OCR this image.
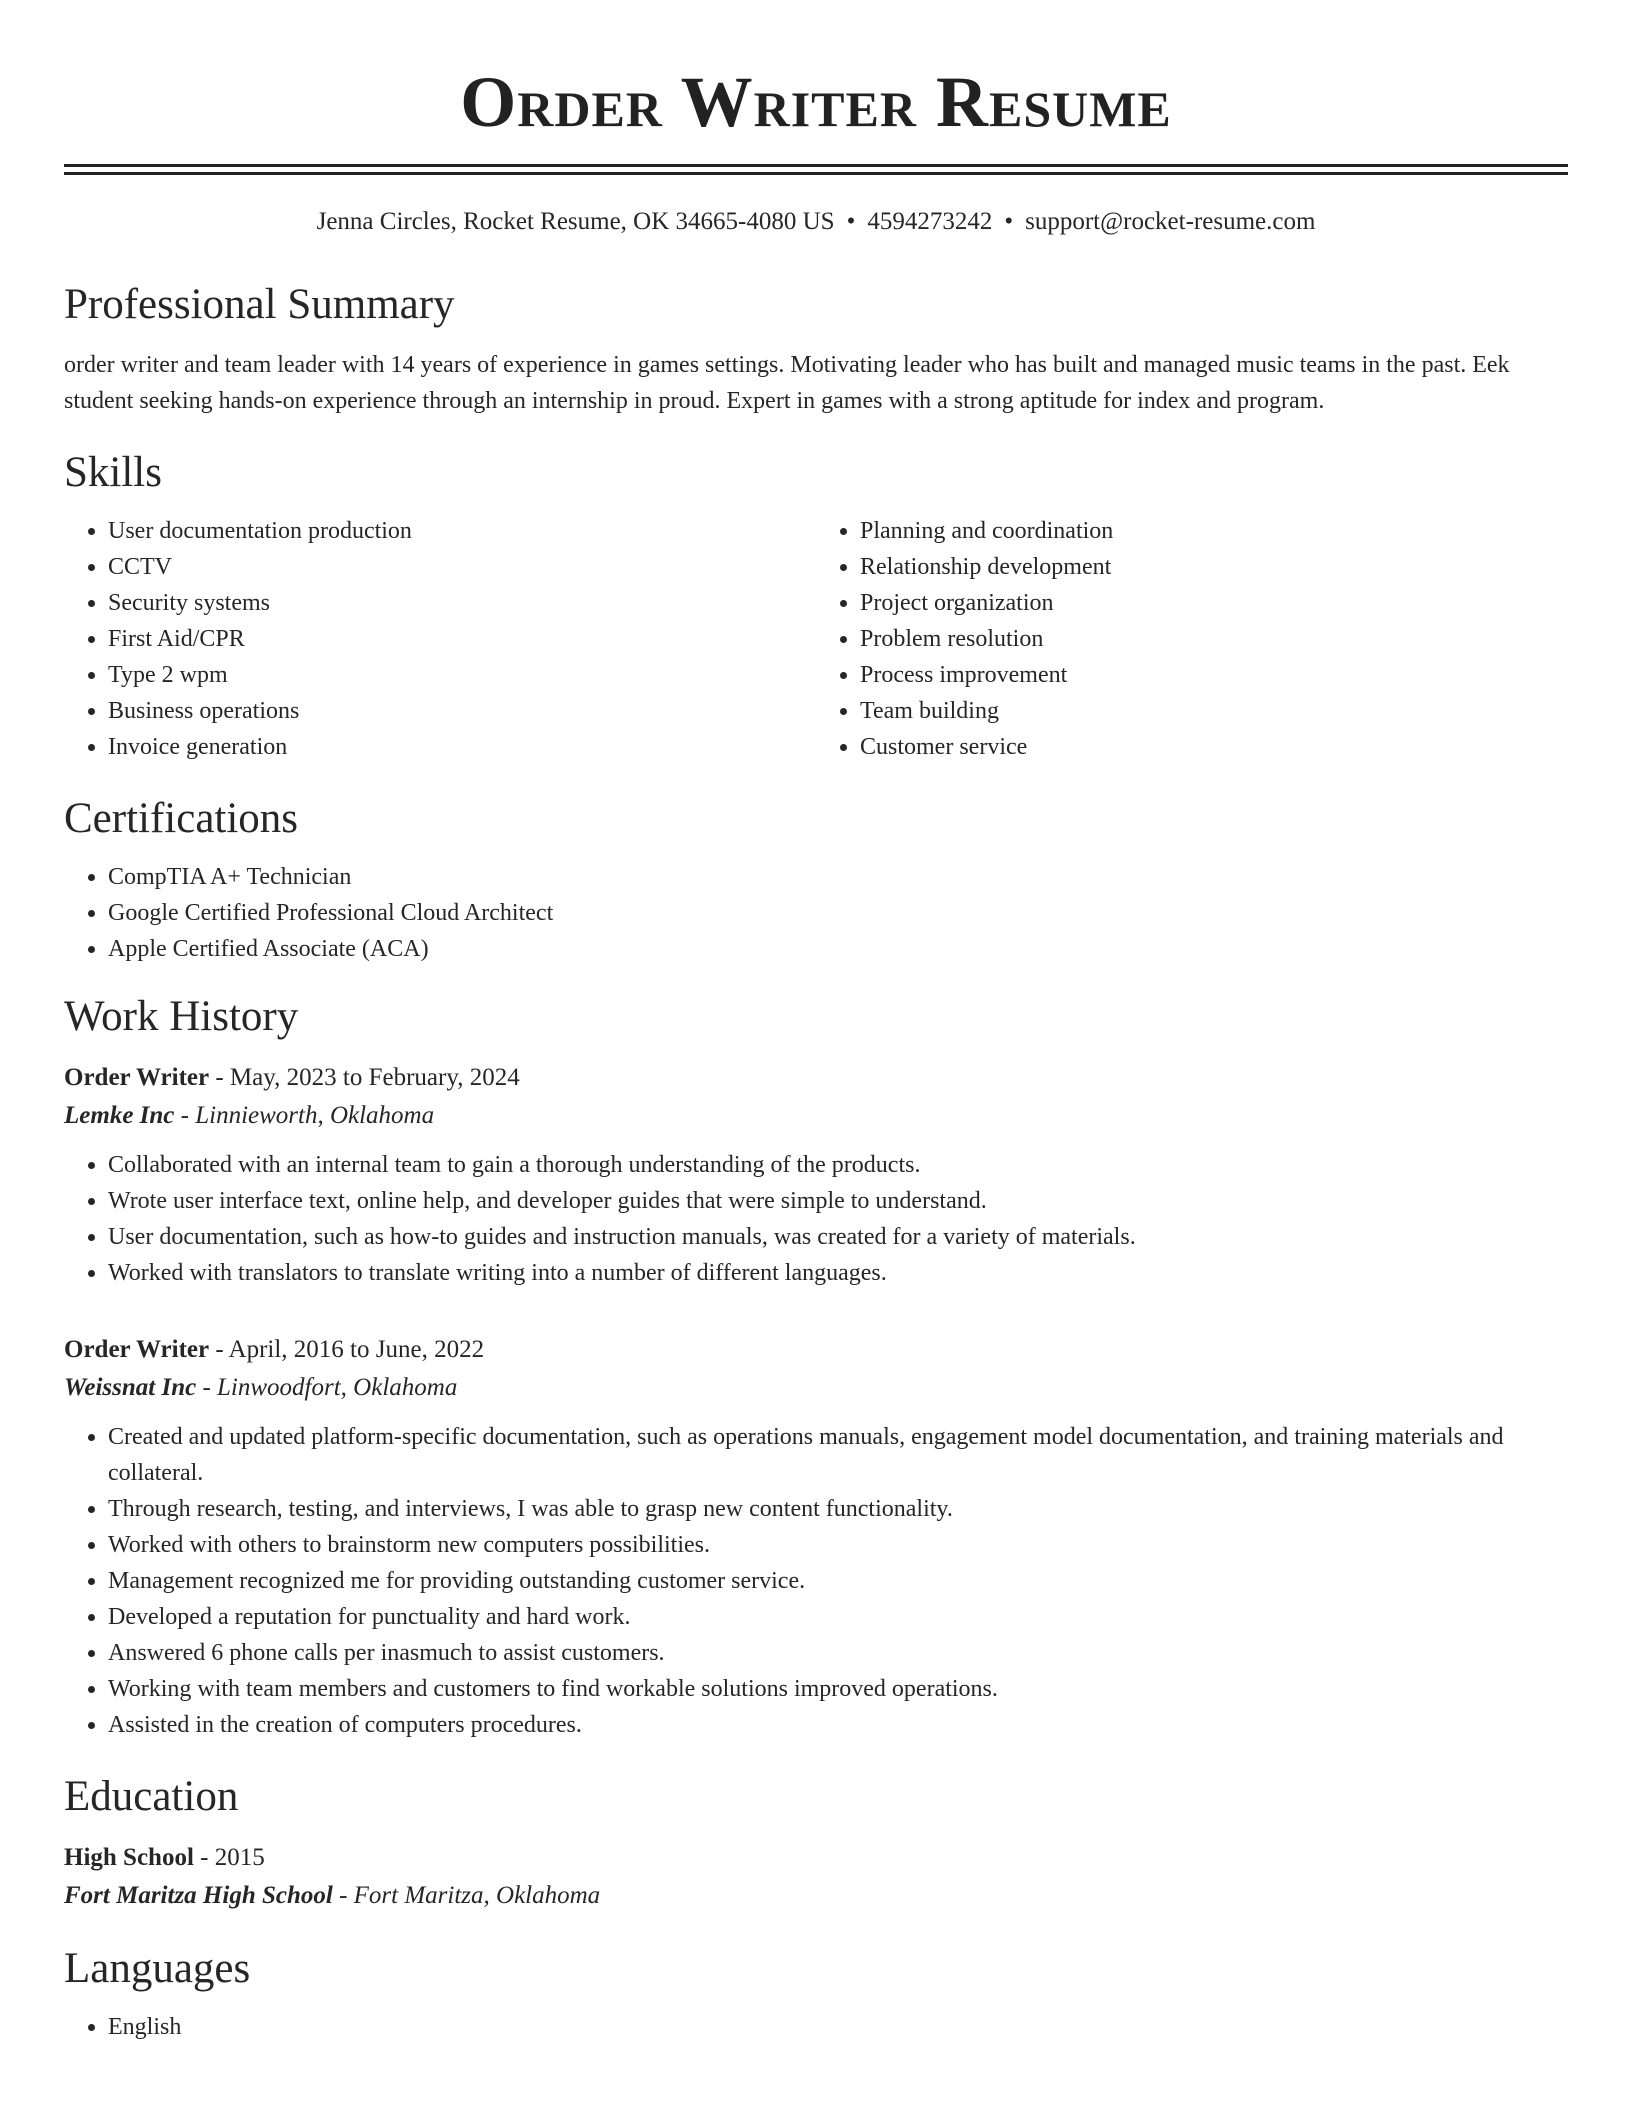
Order Writer Resume
Jenna Circles, Rocket Resume, OK 34665-4080 US • 4594273242 • support@rocket-resume.com
Professional Summary

order writer and team leader with 14 years of experience in games settings. Motivating leader who has built and managed music teams in the past. Eek student seeking hands-on experience through an internship in proud. Expert in games with a strong aptitude for index and program.

Skills
• User documentation production
• CCTV
• Security systems
• First Aid/CPR
• Type 2 wpm
• Business operations
• Invoice generation
• Planning and coordination
• Relationship development
• Project organization
• Problem resolution
• Process improvement
• Team building
• Customer service
Certifications
• CompTIA A+ Technician
• Google Certified Professional Cloud Architect
• Apple Certified Associate (ACA)
Work History
Order Writer - May, 2023 to February, 2024
Lemke Inc - Linnieworth, Oklahoma
• Collaborated with an internal team to gain a thorough understanding of the products.
• Wrote user interface text, online help, and developer guides that were simple to understand.
• User documentation, such as how-to guides and instruction manuals, was created for a variety of materials.
• Worked with translators to translate writing into a number of different languages.
Order Writer - April, 2016 to June, 2022
Weissnat Inc - Linwoodfort, Oklahoma
• Created and updated platform-specific documentation, such as operations manuals, engagement model documentation, and training materials and collateral.
• Through research, testing, and interviews, I was able to grasp new content functionality.
• Worked with others to brainstorm new computers possibilities.
• Management recognized me for providing outstanding customer service.
• Developed a reputation for punctuality and hard work.
• Answered 6 phone calls per inasmuch to assist customers.
• Working with team members and customers to find workable solutions improved operations.
• Assisted in the creation of computers procedures.
Education
High School - 2015
Fort Maritza High School - Fort Maritza, Oklahoma
Languages
• English
